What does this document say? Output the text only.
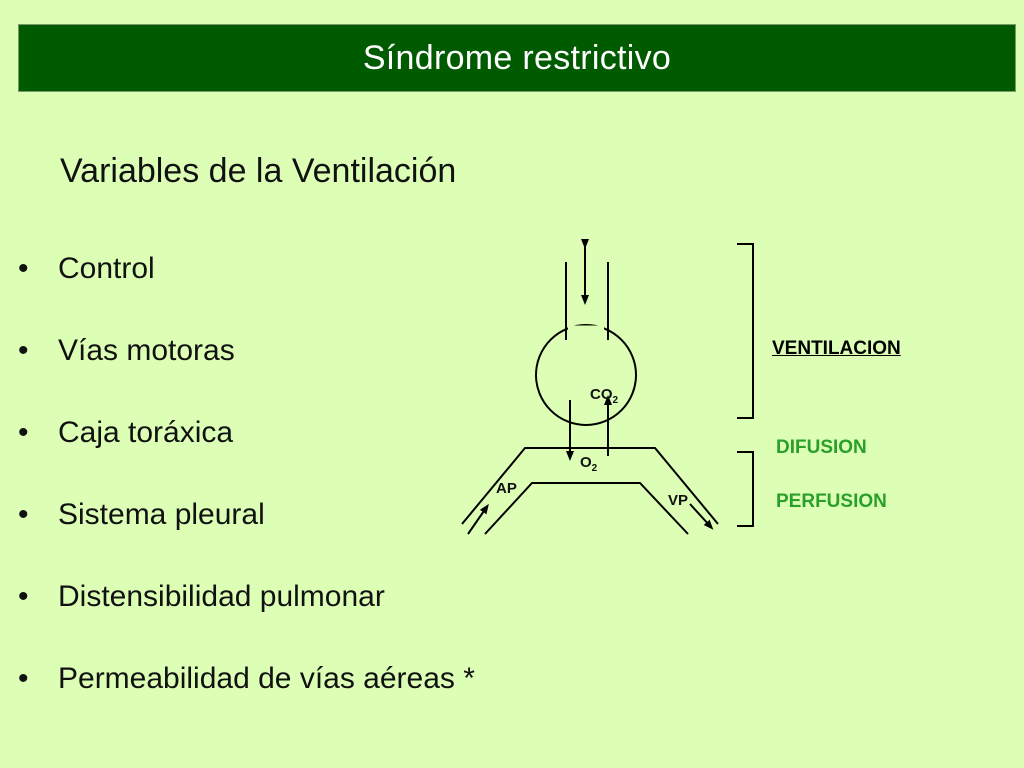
Síndrome restrictivo
Variables de la Ventilación
• Control
• Vías motoras
• Caja toráxica
• Sistema pleural
• Distensibilidad pulmonar
• Permeabilidad de vías aéreas *
$CO_2$
$O_2$
AP
VP
VENTILACION
DIFUSION
PERFUSION
